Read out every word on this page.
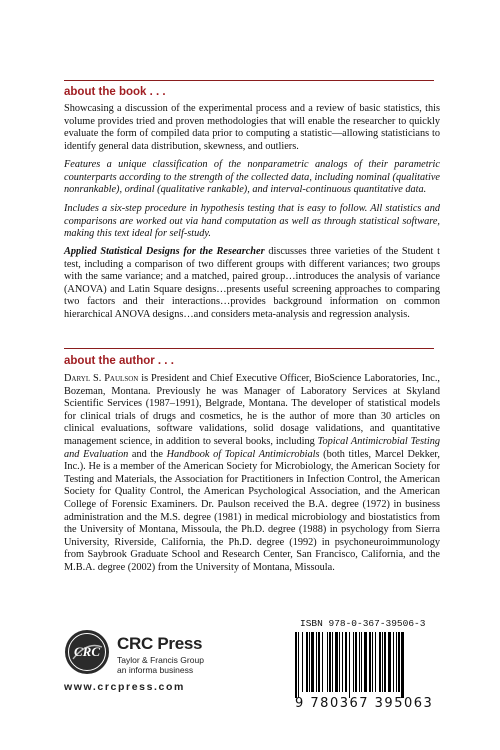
about the book . . .
Showcasing a discussion of the experimental process and a review of basic statistics, this volume provides tried and proven methodologies that will enable the researcher to quickly evaluate the form of compiled data prior to computing a statistic—allowing statisticians to identify general data distribution, skewness, and outliers.
Features a unique classification of the nonparametric analogs of their parametric counterparts according to the strength of the collected data, including nominal (qualitative nonrankable), ordinal (qualitative rankable), and interval-continuous quantitative data.
Includes a six-step procedure in hypothesis testing that is easy to follow. All statistics and comparisons are worked out via hand computation as well as through statistical software, making this text ideal for self-study.
Applied Statistical Designs for the Researcher discusses three varieties of the Student t test, including a comparison of two different groups with different variances; two groups with the same variance; and a matched, paired group…introduces the analysis of variance (ANOVA) and Latin Square designs…presents useful screening approaches to comparing two factors and their interactions…provides background information on common hierarchical ANOVA designs…and considers meta-analysis and regression analysis.
about the author . . .
Daryl S. Paulson is President and Chief Executive Officer, BioScience Laboratories, Inc., Bozeman, Montana. Previously he was Manager of Laboratory Services at Skyland Scientific Services (1987–1991), Belgrade, Montana. The developer of statistical models for clinical trials of drugs and cosmetics, he is the author of more than 30 articles on clinical evaluations, software validations, solid dosage validations, and quantitative management science, in addition to several books, including Topical Antimicrobial Testing and Evaluation and the Handbook of Topical Antimicrobials (both titles, Marcel Dekker, Inc.). He is a member of the American Society for Microbiology, the American Society for Testing and Materials, the Association for Practitioners in Infection Control, the American Society for Quality Control, the American Psychological Association, and the American College of Forensic Examiners. Dr. Paulson received the B.A. degree (1972) in business administration and the M.S. degree (1981) in medical microbiology and biostatistics from the University of Montana, Missoula, the Ph.D. degree (1988) in psychology from Sierra University, Riverside, California, the Ph.D. degree (1992) in psychoneuroimmunology from Saybrook Graduate School and Research Center, San Francisco, California, and the M.B.A. degree (2002) from the University of Montana, Missoula.
CRC CRC Press
Taylor & Francis Group
an informa business
www.crcpress.com
ISBN 978-0-367-39506-3
9 780367 395063
